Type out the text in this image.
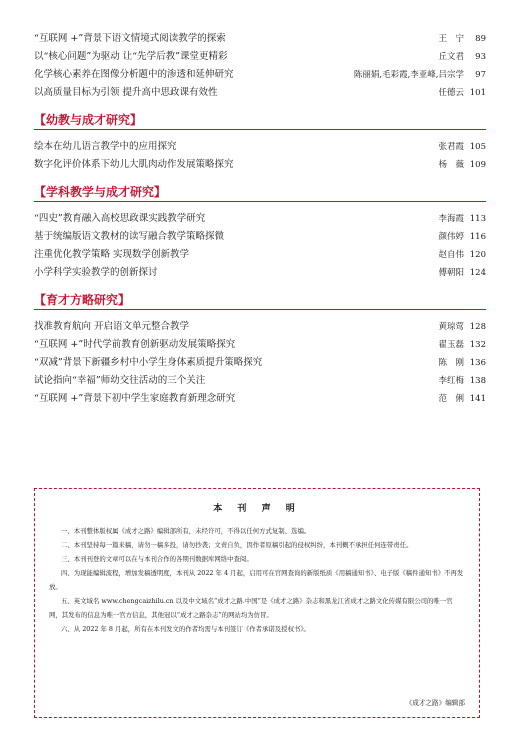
“互联网 +”背景下语文情境式阅读教学的探索	王　宁	89
以“核心问题”为驱动 让“先学后教”课堂更精彩	丘文君	93
化学核心素养在图像分析题中的渗透和延伸研究	陈丽娟,毛彩霞,李亚峰,吕宗学	97
以高质量目标为引领 提升高中思政课有效性	任德云 101
【幼教与成才研究】
绘本在幼儿语言教学中的应用探究	张君霞 105
数字化评价体系下幼儿大肌肉动作发展策略探究	杨　薇 109
【学科教学与成才研究】
“四史”教育融入高校思政课实践教学研究	李海霞 113
基于统编版语文教材的读写融合教学策略探微	颜伟婷 116
注重优化教学策略 实现数学创新教学	赵自伟 120
小学科学实验教学的创新探讨	傅朝阳 124
【育才方略研究】
找准教育航向 开启语文单元整合教学	黄琼莺 128
“互联网 +”时代学前教育创新驱动发展策略探究	翟玉磊 132
“双减”背景下新疆乡村中小学生身体素质提升策略探究	陈　刚 136
试论指向“幸福”师幼交往活动的三个关注	李红梅 138
“互联网 +”背景下初中学生家庭教育新理念研究	范　俐 141
本 刊 声 明
一、本刊整体版权属《成才之路》编辑部所有，未经许可，不得以任何方式复制、选编。
二、本刊坚持每一篇来稿，请勿一稿多投，请勿抄袭；文责自负，因作者原稿引起的侵权纠纷，本刊概不承担任何连带责任。
三、本刊刊登的文章可以在与本刊合作的各期刊数据库网络中查阅。
四、为现能编辑流程，增加发稿透明度，本刊从 2022 年 4 月起，启用可在官网查询的新版纸质《用稿通知书》、电子版《稿件通知书》不再发放。
五、英文域名 www.chengcaizhilu.cn 以及中文域名“成才之路.中国”是《成才之路》杂志和黑龙江省成才之路文化传媒有限公司的唯一官网，其发布的信息为唯一官方信息，其他冠以“成才之路杂志”的网站均为仿冒。
六、从 2022 年 8 月起，所有在本刊发文的作者均需与本刊签订《作者承诺及授权书》。
《成才之路》编辑部
